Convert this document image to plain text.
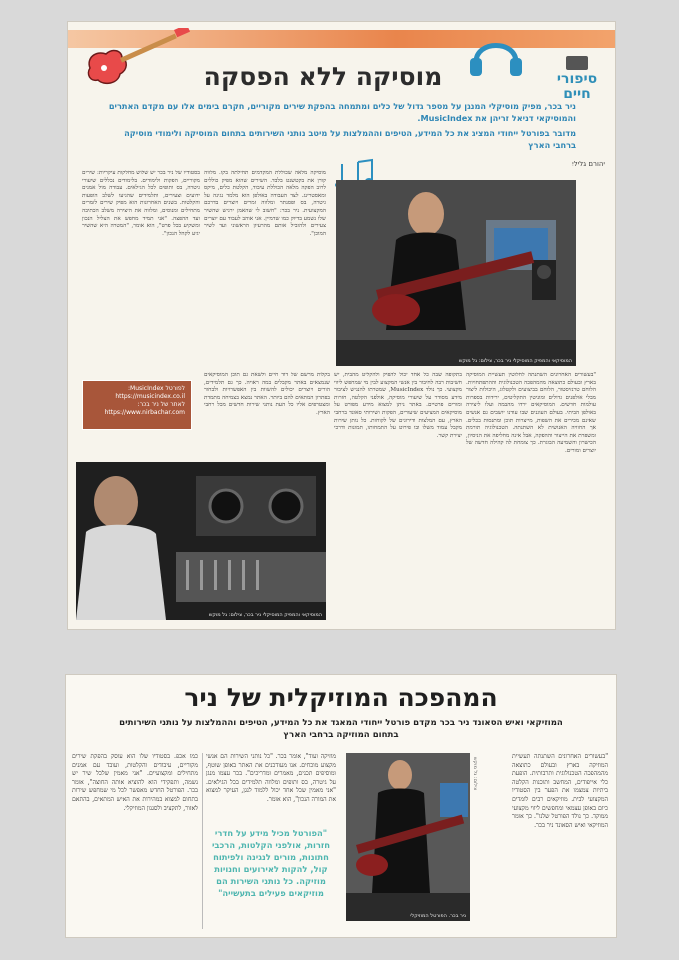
מוסיקה ללא הפסקה	סיפורי
חיים

ניר בכר, מפיק מוסיקלי המנגן על מספר גדול של כלים ומתמחה בהפקת שירים מקוריים, חקרם בימים אלו עם מקדם האתרים והמוסיקאי דניאל זריהן את MusicIndex.

מדובר בפורטל ייחודי המציג את כל המידע, הטיפים וההמלצות על מיטב נותני השירותים בתחום המוסיקה ולימודי מוסיקה ברחבי הארץ

יהורם גליליִ
מוסיקה מלאה שכוללת המקדמים תחילתה בקו. מלווה קורן את בקטשנט בלבד. השירים שהוא מפיק כוללים לרוב הפקה מלאה הכוללת עיבוד, הקלטת כלים, מיקס ומאסטרינג. לצד העבודה באולפן הוא מלמד נגינה על גיטרה, בס ופסנתר ומלווה זמרים ויוצרים בדרכם המקצועית. ניר בכר: "חשוב לי שהאמן ירגיש שהשיר שלו נשמע בדיוק כמו שדמיין. אני אוהב לעבוד עם יוצרים צעירים ולהוביל אותם מהרעיון הראשוני ועד לשיר המוכן".
בסטודיו של ניר בכר יש שלוש מחלקות עיקריות: שירים מקוריים, הפקות ולימודים. בלימודים נכללים שיעורי גיטרה, בס ותופים לכל הגילאים. עבודה מול אמנים ידועים וצעירים, ותלמידים שהגיעו לשלב הופעות והקלטות. בשנים האחרונות הוא מפיק שירים לזמרים מתחילים ומנוסים, ומלווה את היצירה משלב הכתיבה ועד ההפצה. "אני תמיד מחפש את הצליל הנכון ומשקיע בכל פרט", הוא אומר, "המטרה היא שהשיר יגיע לקהל הנכון".
המוסיקאי והמפיק המוסיקלי ניר בכר, צילום: גל מוקש
"בעשורים האחרונים השתנתה לחלוטין תעשיית המוסיקה בארץ ובעולם כתוצאה מהמהפכה הטכנולוגית וההתפתחויות. הלוחם טרנזיסטור, הלוחם בביצועים ולקטלוג, היכולות ליצור מבלי אולפנים גדולים ומוניטין התקליטים, ירידות בספרות עולמות חדשים. המוסיקאים ירדו מהבמה ועלו ליצירה באולפן הביתי. בעולם העוגנים שבו עודנו יושבים גם אנשים שאינם מכירים את השפות, מייצרות תוכן ומתנסות בכלים. אך החוויה האנושית לא השתנתה. הטכנולוגיה תורמת ומשפרת את הייצור וההפקה, אבל אינה מחליפה את הניסיון, הכישרון והשמיעה הבוגרת. כך צומחת לה קהילה חדשה של יוצרים ומורים.
בתקופה שבה כל אחד יכול להפיק ולהקליט מהבית, יש חשיבות רבה לחיבור בין אנשי המקצוע לבין מי שמחפש ליווי מקצועי. כך נולד MusicIndex, שמטרתו להנגיש לציבור מידע מסודר על שיעורי מוסיקה, אולפני הקלטה, חזרות ומורים פרטיים. באתר ניתן למצוא מידע מפורט על מוסיקאים המציעים שיעורים, הפקות ושירותי סאונד ברחבי הארץ, עם המלצות ודירוגים של לקוחות. כל נותן שירות מקבל עמוד משלו ובו פירוט על התמחותו, תמונות ודרכי יצירת קשר.
בקלות מרשם של דוד חיים ולשאת גם תוכן המוסיקאים שנמצאים באתר מקבלים במה ראויה. כך גם תלמידים, הורים ויוצרים יכולים להשוות בין האפשרויות ולבחור בפתרון המתאים להם ביותר. האתר נמצא בצמיחה מתמדת ומצטרפים אליו כל העת נותני שירות חדשים מכל רחבי הארץ.
לפורטל MusicIndex:
https://musicindex.co.il
לאתר של ניר בכר:
https://www.nirbachar.com
המוסיקאי והמפיק המוסיקלי ניר בכר, צילום: גל מוקש
המהפכה המוזיקלית של ניר
המוזיקאי ואיש הסאונד ניר בכר מקדם פורטל ייחודי המאגד את כל המידע, הטיפים וההמלצות על נותני השירותים בתחום המוזיקה ברחבי הארץ
"בעשורים האחרונים השתנתה תעשיית המוזיקה בארץ ובעולם כתוצאה מהמהפכה הטכנולוגית ותרבותית. הופעת כלי אייפודים, המחשב ותוכנות הקלטה ביתיות צמצמו את הפער בין הסטודיו המקצועי לבית. מוזיקאים רבים לומדים כיום באופן עצמאי ומחפשים ליווי מקצועי ממוקד. כך נולד הפורטל שלנו". כך אומר המוזיקאי ואיש הסאונד ניר בכר.
ניר בכר. הפורטל המוזיקלי
צילום: גל מוקש
מוזיקה ועוד", אומר בכר. "כל נותני השירות הם אנשי מקצוע מוכחים. אנו מעודכנים את האתר באופן שוטף, ומוסיפים תכנים, מאמרים ומדריכים". בכר עצמו מנגן על גיטרה, בס ותופים ומלווה תלמידים בכל הגילאים. "אני מאמין שכל אחד יכול ללמוד לנגן, העיקר למצוא את המורה הנכון", הוא אומר.
"הפורטל מכיל מידע על חדרי חזרות, אולפני הקלטות, הרכבי חתונות, מורים לנגינה ולפיתוח קול, להקות לאירועים וחנויות מוזיקה. כל נותני השירות הם מוזיקאים פעילים בתעשייה"
כמו אכפ. בסטודיו שלו הוא עוסק בהפקת שירים מקוריים, עיבודים והקלטות, ועובד עם אמנים מתחילים ומקצועיים. "אני מאמין שלכל שיר יש נשמה, ותפקידי הוא להוציא אותה החוצה", אומר בכר. הפורטל החדש מאפשר לכל מי שמחפש שירות בתחום למצוא במהירות את האיש המתאים, בהתאם לאזור, לתקציב ולסגנון המוזיקלי.
